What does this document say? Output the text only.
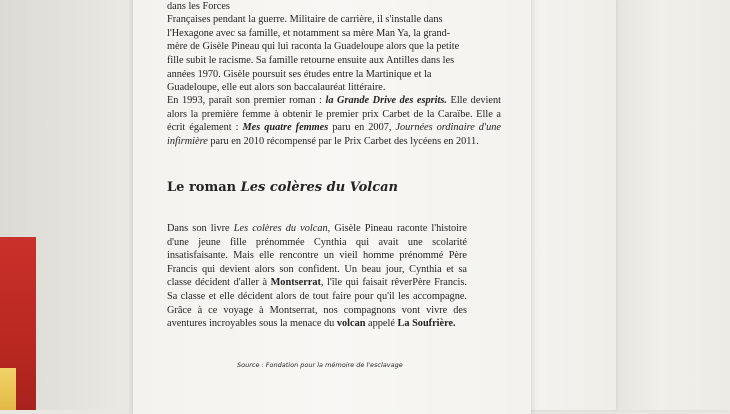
dans les Forces
Françaises pendant la guerre. Militaire de carrière, il s'installe dans
l'Hexagone avec sa famille, et notamment sa mère Man Ya, la grand-
mère de Gisèle Pineau qui lui raconta la Guadeloupe alors que la petite
fille subit le racisme. Sa famille retourne ensuite aux Antilles dans les
années 1970. Gisèle poursuit ses études entre la Martinique et la
Guadeloupe, elle eut alors son baccalauréat littéraire.

En 1993, paraît son premier roman : la Grande Drive des esprits. Elle devient alors la première femme à obtenir le premier prix Carbet de la Caraïbe. Elle a écrit également : Mes quatre femmes paru en 2007, Journées ordinaire d'une infirmière paru en 2010 récompensé par le Prix Carbet des lycéens en 2011.

Le roman Les colères du Volcan

Dans son livre Les colères du volcan, Gisèle Pineau raconte l'histoire d'une jeune fille prénommée Cynthia qui avait une scolarité insatisfaisante. Mais elle rencontre un vieil homme prénommé Père Francis qui devient alors son confident. Un beau jour, Cynthia et sa classe décident d'aller à Montserrat, l'île qui faisait rêverPère Francis. Sa classe et elle décident alors de tout faire pour qu'il les accompagne. Grâce à ce voyage à Montserrat, nos compagnons vont vivre des aventures incroyables sous la menace du volcan appelé La Soufrière.

Source : Fondation pour la mémoire de l'esclavage
